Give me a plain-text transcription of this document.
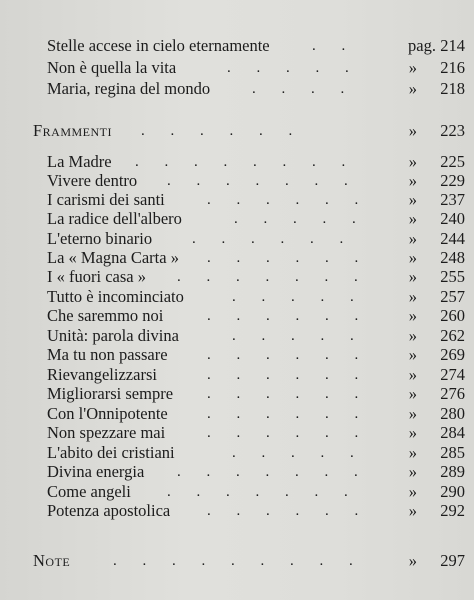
Stelle accese in cielo eternamente	. .	pag. 214
Non è quella la vita	. . . . .	»	216
Maria, regina del mondo	. . . .	»	218
Frammenti . . . . . .	»	223
La Madre . . . . . . . .	»	225
Vivere dentro . . . . . . .	»	229
I carismi dei santi	. . . . . .	»	237
La radice dell'albero	. . . . .	»	240
L'eterno binario	. . . . . .	»	244
La « Magna Carta » . . . . . .	»	248
I « fuori casa » . . . . . . .	»	255
Tutto è incominciato	. . . . .	»	257
Che saremmo noi	. . . . . .	»	260
Unità: parola divina	. . . . .	»	262
Ma tu non passare	. . . . . .	»	269
Rievangelizzarsi	. . . . . .	»	274
Migliorarsi sempre . . . . . .	»	276
Con l'Onnipotente	. . . . . .	»	280
Non spezzare mai	. . . . . .	»	284
L'abito dei cristiani	. . . . .	»	285
Divina energia . . . . . . .	»	289
Come angeli . . . . . . .	»	290
Potenza apostolica . . . . . .	»	292
Note	. . . . . . . . .	»	297
